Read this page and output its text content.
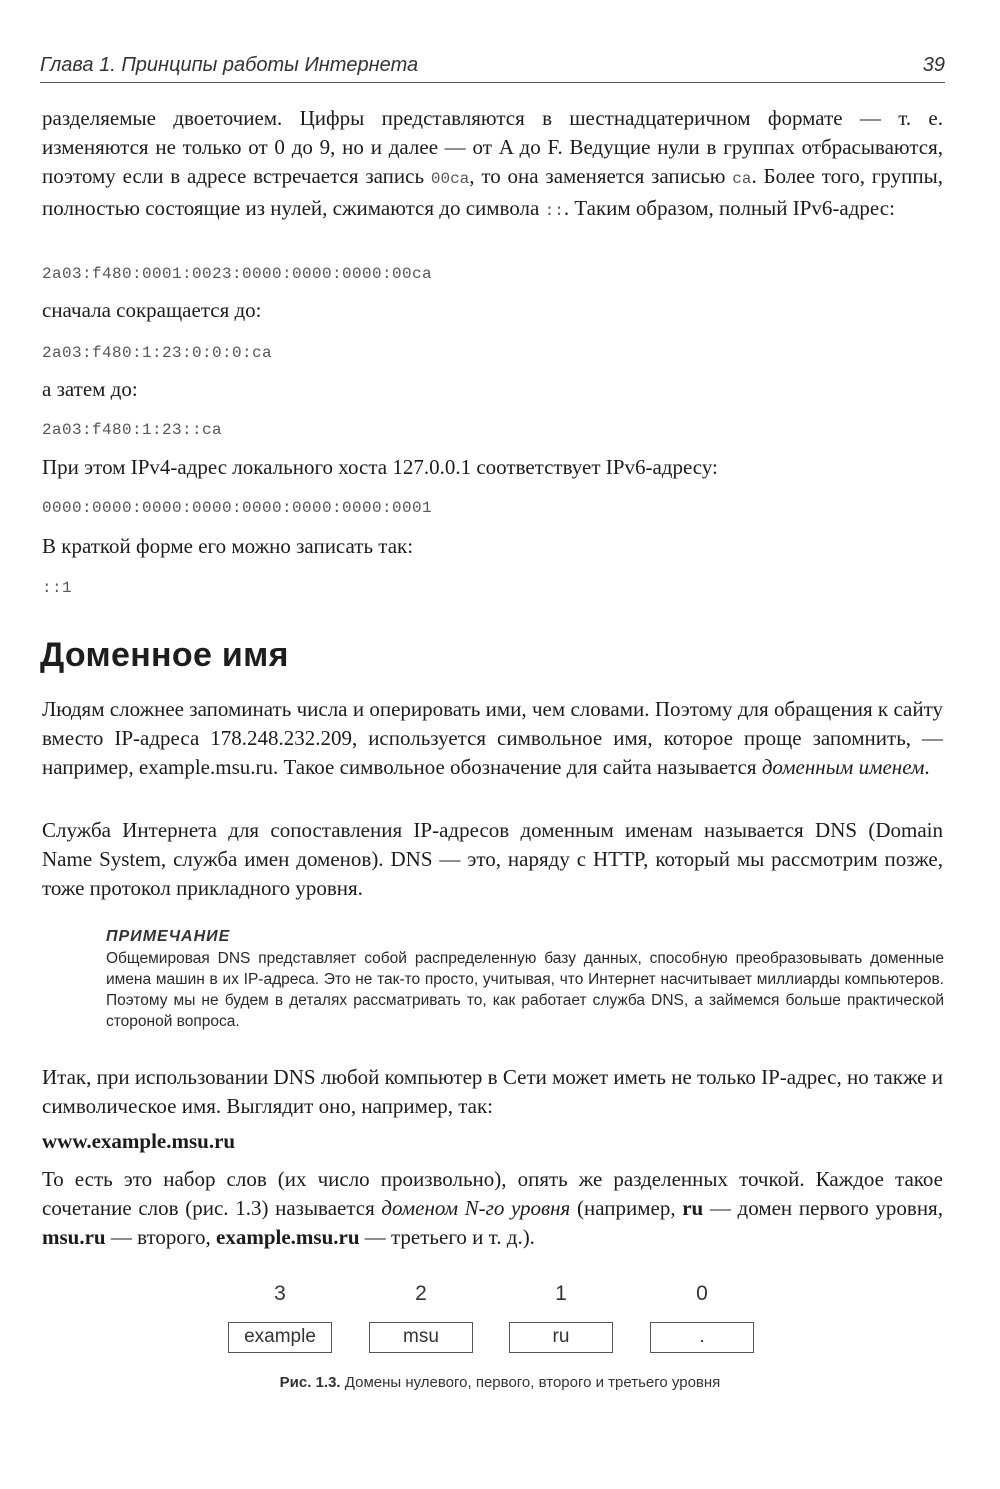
Глава 1. Принципы работы Интернета	39

разделяемые двоеточием. Цифры представляются в шестнадцатеричном формате — т. е. изменяются не только от 0 до 9, но и далее — от A до F. Ведущие нули в группах отбрасываются, поэтому если в адресе встречается запись 00ca, то она заменяется записью ca. Более того, группы, полностью состоящие из нулей, сжимаются до символа ::. Таким образом, полный IPv6-адрес:

2a03:f480:0001:0023:0000:0000:0000:00ca
сначала сокращается до:
2a03:f480:1:23:0:0:0:ca
а затем до:
2a03:f480:1:23::ca
При этом IPv4-адрес локального хоста 127.0.0.1 соответствует IPv6-адресу:
0000:0000:0000:0000:0000:0000:0000:0001
В краткой форме его можно записать так:
::1
Доменное имя

Людям сложнее запоминать числа и оперировать ими, чем словами. Поэтому для обращения к сайту вместо IP-адреса 178.248.232.209, используется символьное имя, которое проще запомнить, — например, example.msu.ru. Такое символьное обозначение для сайта называется доменным именем.

Служба Интернета для сопоставления IP-адресов доменным именам называется DNS (Domain Name System, служба имен доменов). DNS — это, наряду с HTTP, который мы рассмотрим позже, тоже протокол прикладного уровня.

ПРИМЕЧАНИЕ
Общемировая DNS представляет собой распределенную базу данных, способную преобразовывать доменные имена машин в их IP-адреса. Это не так-то просто, учитывая, что Интернет насчитывает миллиарды компьютеров. Поэтому мы не будем в деталях рассматривать то, как работает служба DNS, а займемся больше практической стороной вопроса.

Итак, при использовании DNS любой компьютер в Сети может иметь не только IP-адрес, но также и символическое имя. Выглядит оно, например, так:

www.example.msu.ru

То есть это набор слов (их число произвольно), опять же разделенных точкой. Каждое такое сочетание слов (рис. 1.3) называется доменом N-го уровня (например, ru — домен первого уровня, msu.ru — второго, example.msu.ru — третьего и т. д.).

3	2	1	0
example	msu	ru	.
Рис. 1.3. Домены нулевого, первого, второго и третьего уровня
